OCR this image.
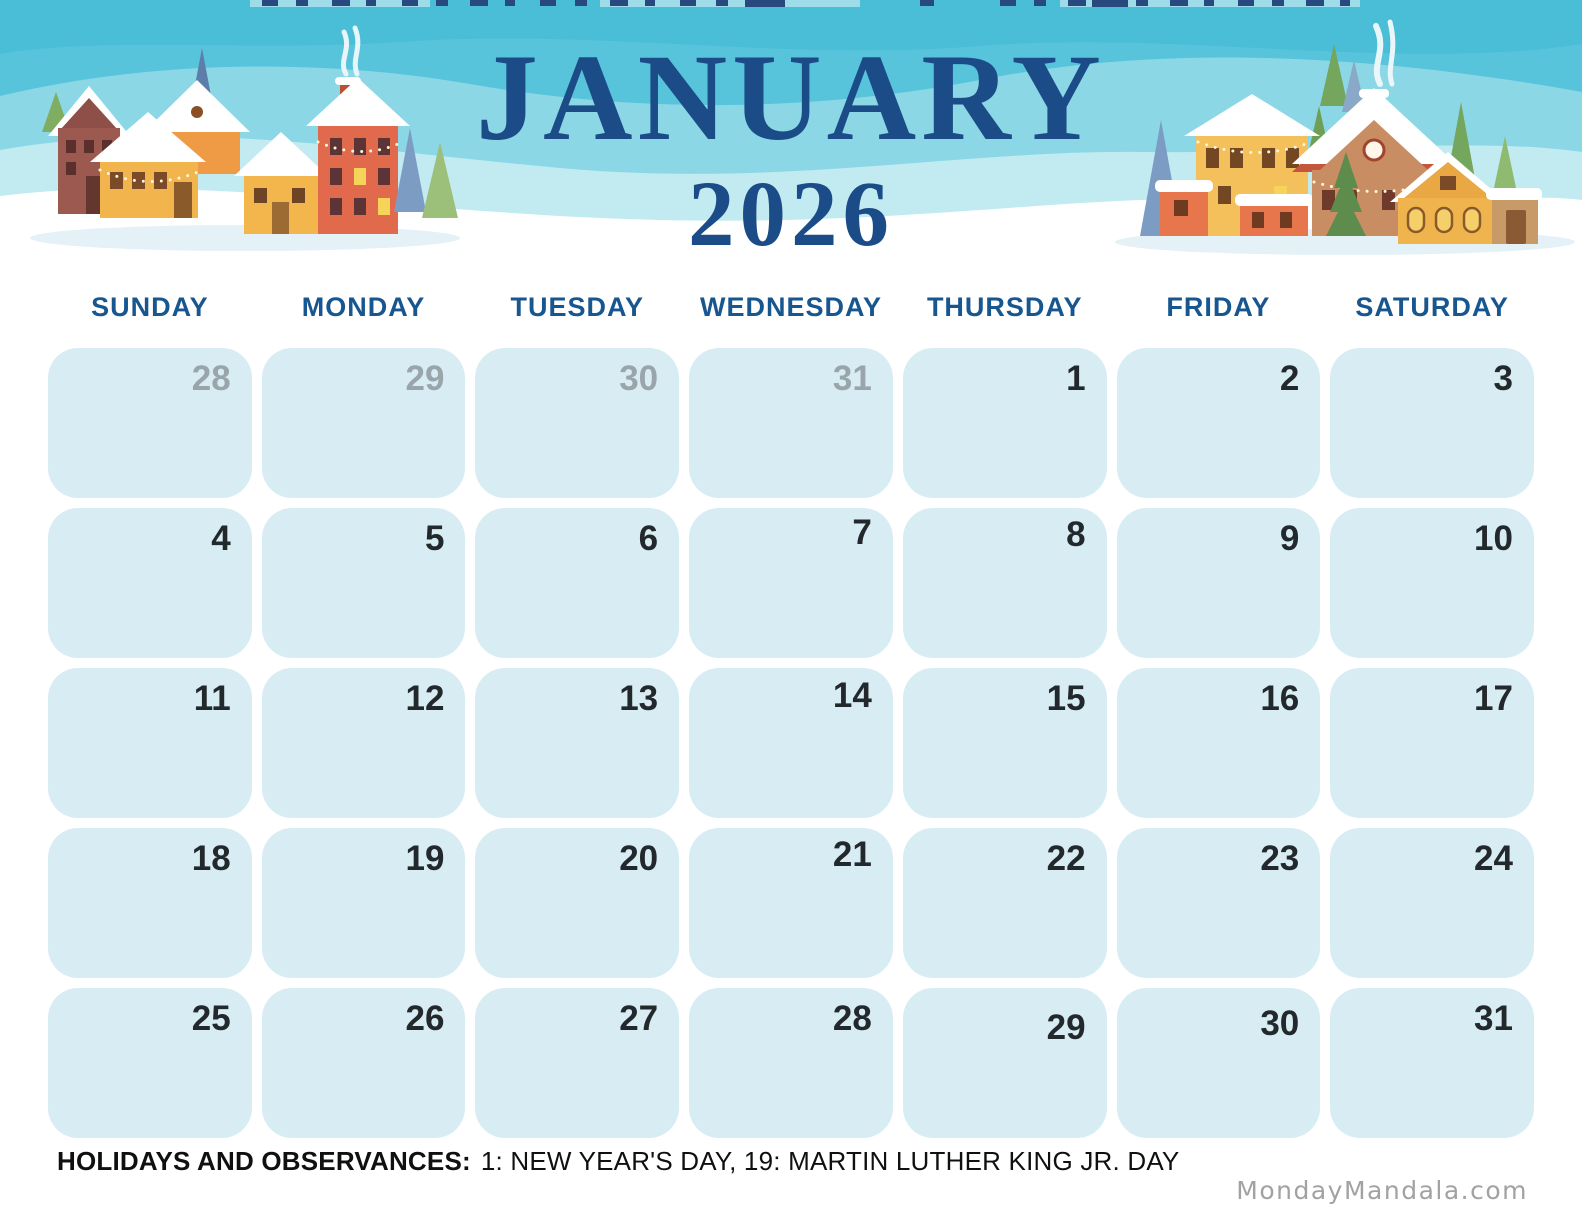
JANUARY
2026
SUNDAY	MONDAY	TUESDAY	WEDNESDAY	THURSDAY	FRIDAY	SATURDAY
28	29	30	31	1	2	3
4	5	6	7	8	9	10
11	12	13	14	15	16	17
18	19	20	21	22	23	24
25	26	27	28	29	30	31
HOLIDAYS AND OBSERVANCES: 1: NEW YEAR'S DAY, 19: MARTIN LUTHER KING JR. DAY
MondayMandala.com
